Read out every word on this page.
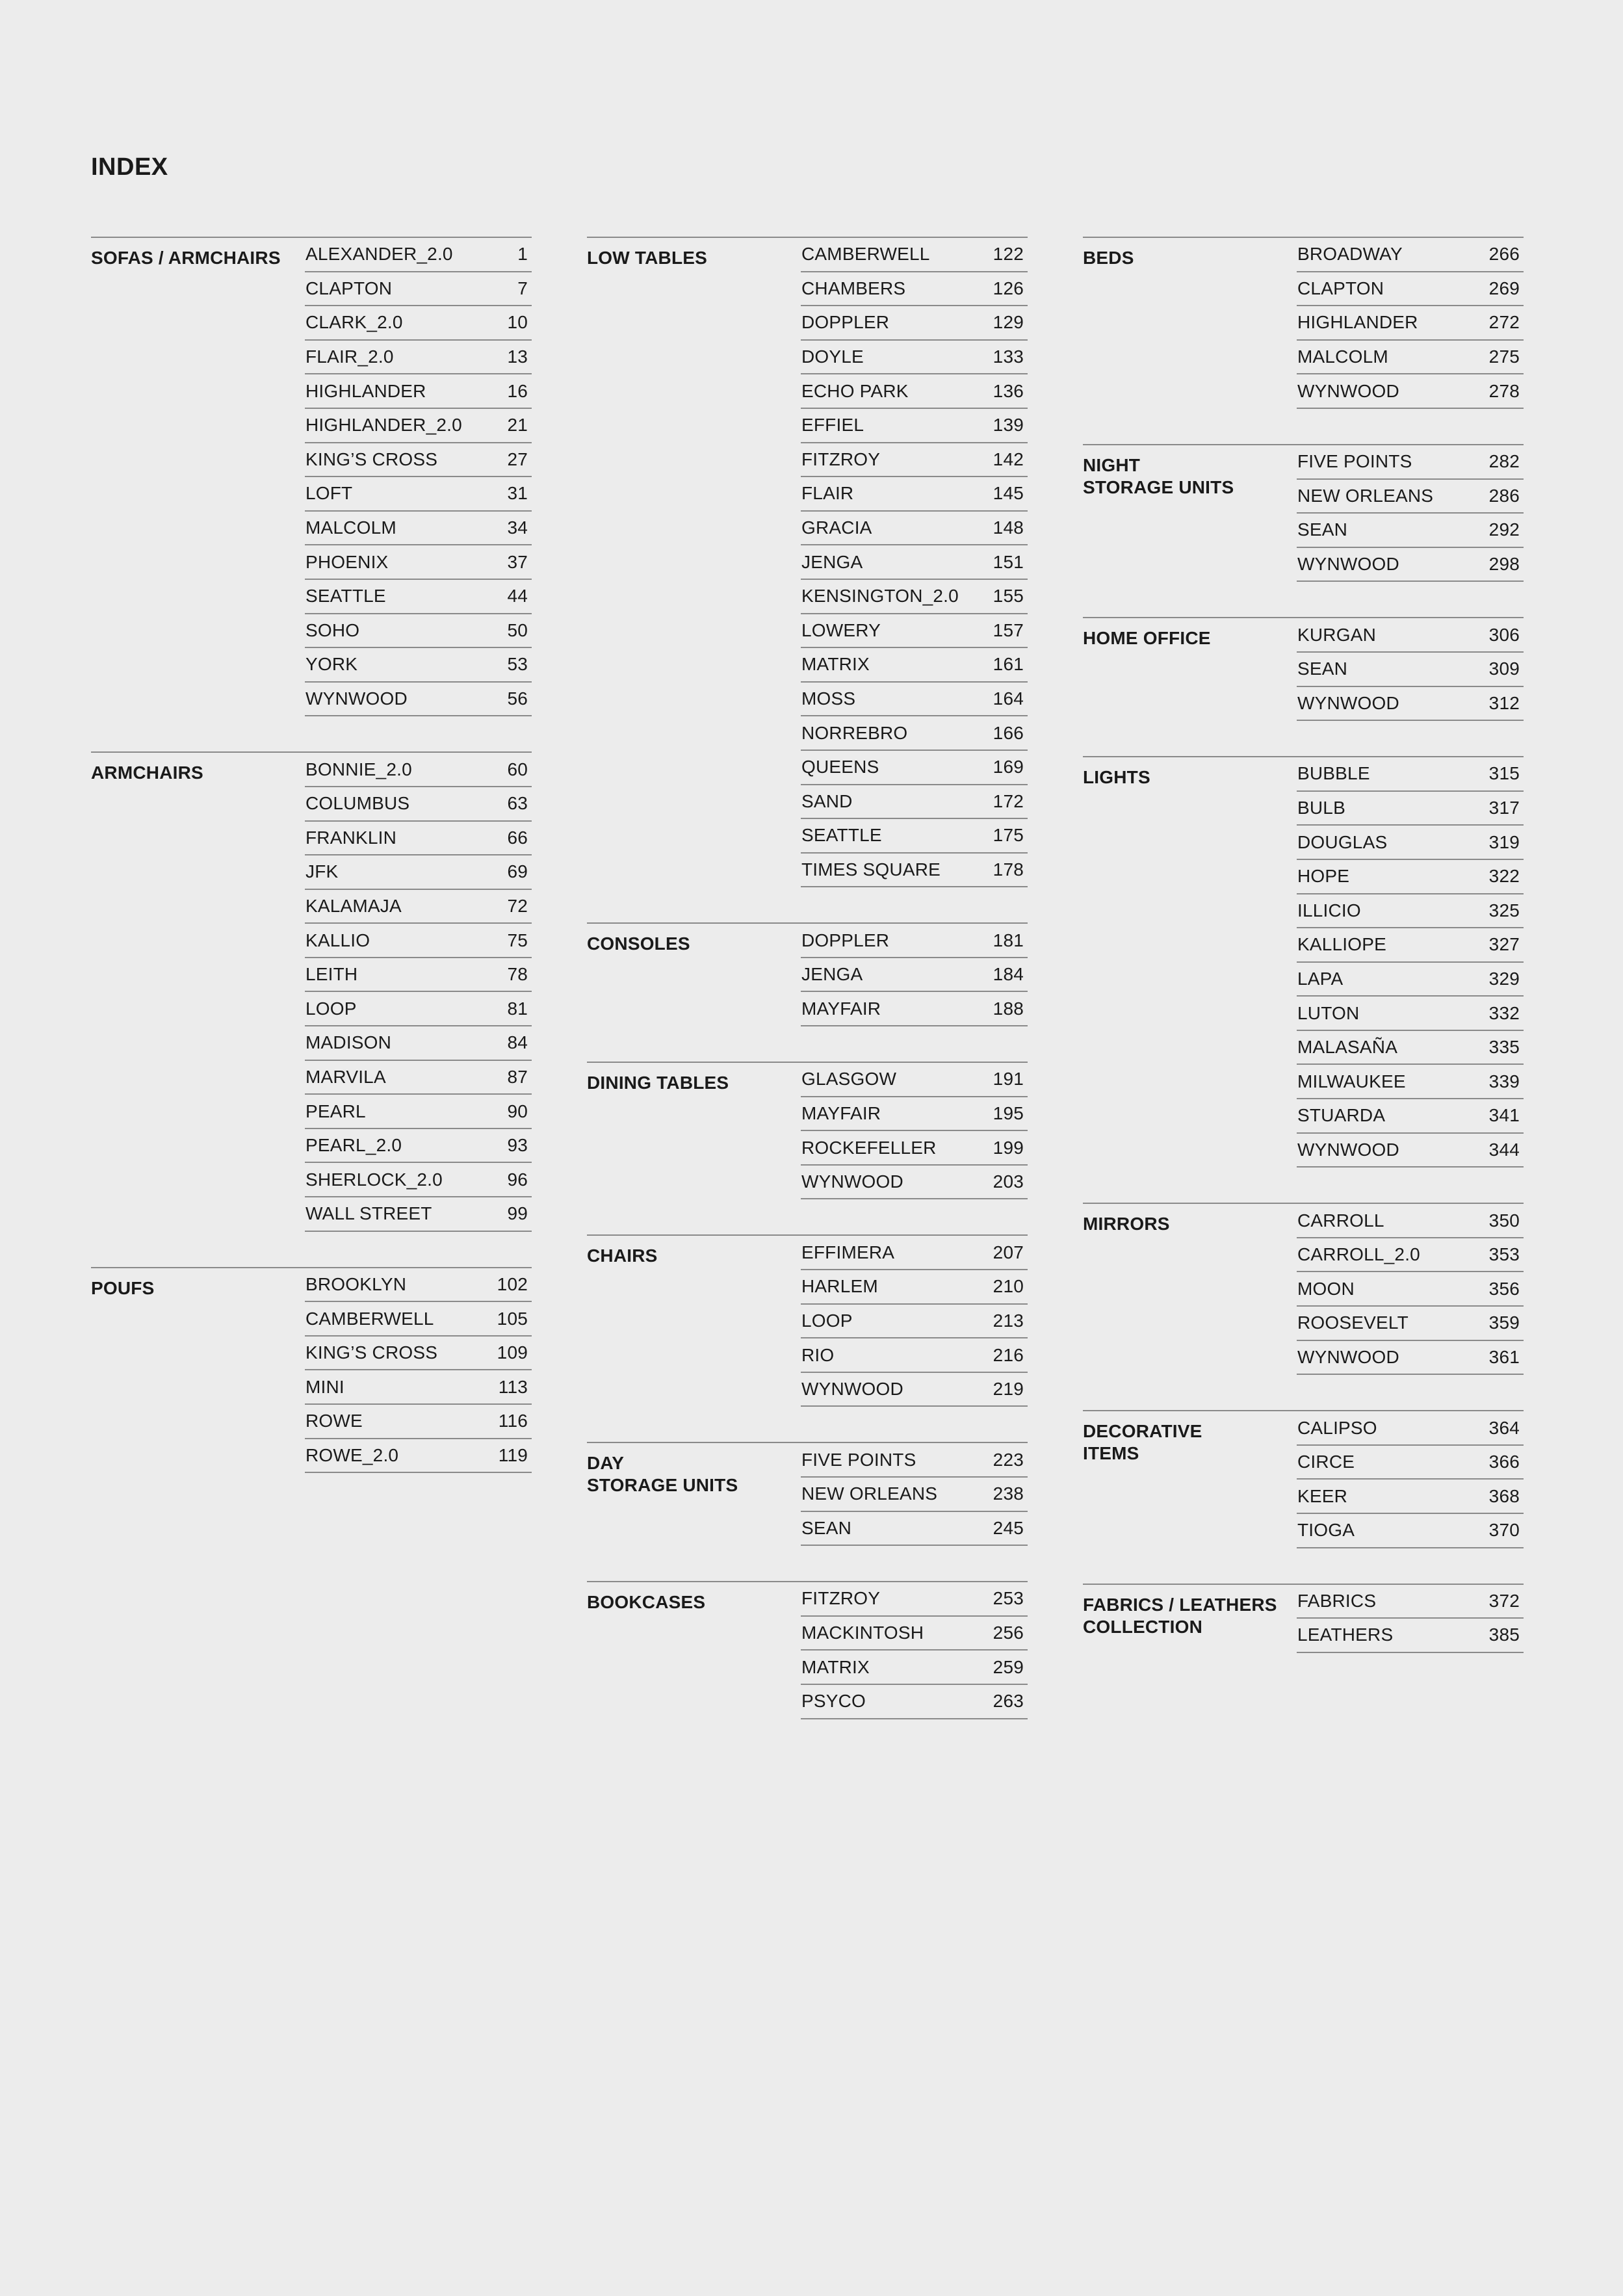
INDEX
SOFAS / ARMCHAIRS	ALEXANDER_2.0	1
CLAPTON	7
CLARK_2.0	10
FLAIR_2.0	13
HIGHLANDER	16
HIGHLANDER_2.0 21
KING’S CROSS	27
LOFT	31
MALCOLM	34
PHOENIX	37
SEATTLE	44
SOHO	50
YORK	53
WYNWOOD	56
ARMCHAIRS	BONNIE_2.0	60
COLUMBUS	63
FRANKLIN	66
JFK	69
KALAMAJA	72
KALLIO	75
LEITH	78
LOOP	81
MADISON	84
MARVILA	87
PEARL	90
PEARL_2.0	93
SHERLOCK_2.0	96
WALL STREET	99
POUFS	BROOKLYN	102
CAMBERWELL	105
KING’S CROSS	109
MINI	113
ROWE	116
ROWE_2.0	119
LOW TABLES	CAMBERWELL	122
CHAMBERS	126
DOPPLER	129
DOYLE	133
ECHO PARK	136
EFFIEL	139
FITZROY	142
FLAIR	145
GRACIA	148
JENGA	151
KENSINGTON_2.0 155
LOWERY	157
MATRIX	161
MOSS	164
NORREBRO	166
QUEENS	169
SAND	172
SEATTLE	175
TIMES SQUARE	178
CONSOLES	DOPPLER	181
JENGA	184
MAYFAIR	188
DINING TABLES	GLASGOW	191
MAYFAIR	195
ROCKEFELLER	199
WYNWOOD	203
CHAIRS	EFFIMERA	207
HARLEM	210
LOOP	213
RIO	216
WYNWOOD	219
DAY
STORAGE UNITS
FIVE POINTS	223
NEW ORLEANS	238
SEAN	245
BOOKCASES	FITZROY	253
MACKINTOSH	256
MATRIX	259
PSYCO	263
BEDS	BROADWAY	266
CLAPTON	269
HIGHLANDER	272
MALCOLM	275
WYNWOOD	278
NIGHT
STORAGE UNITS
FIVE POINTS	282
NEW ORLEANS	286
SEAN	292
WYNWOOD	298
HOME OFFICE	KURGAN	306
SEAN	309
WYNWOOD	312
LIGHTS	BUBBLE	315
BULB	317
DOUGLAS	319
HOPE	322
ILLICIO	325
KALLIOPE	327
LAPA	329
LUTON	332
MALASAÑA	335
MILWAUKEE	339
STUARDA	341
WYNWOOD	344
MIRRORS	CARROLL	350
CARROLL_2.0	353
MOON	356
ROOSEVELT	359
WYNWOOD	361
DECORATIVE
ITEMS
CALIPSO	364
CIRCE	366
KEER	368
TIOGA	370
FABRICS / LEATHERS
COLLECTION
FABRICS	372
LEATHERS	385
